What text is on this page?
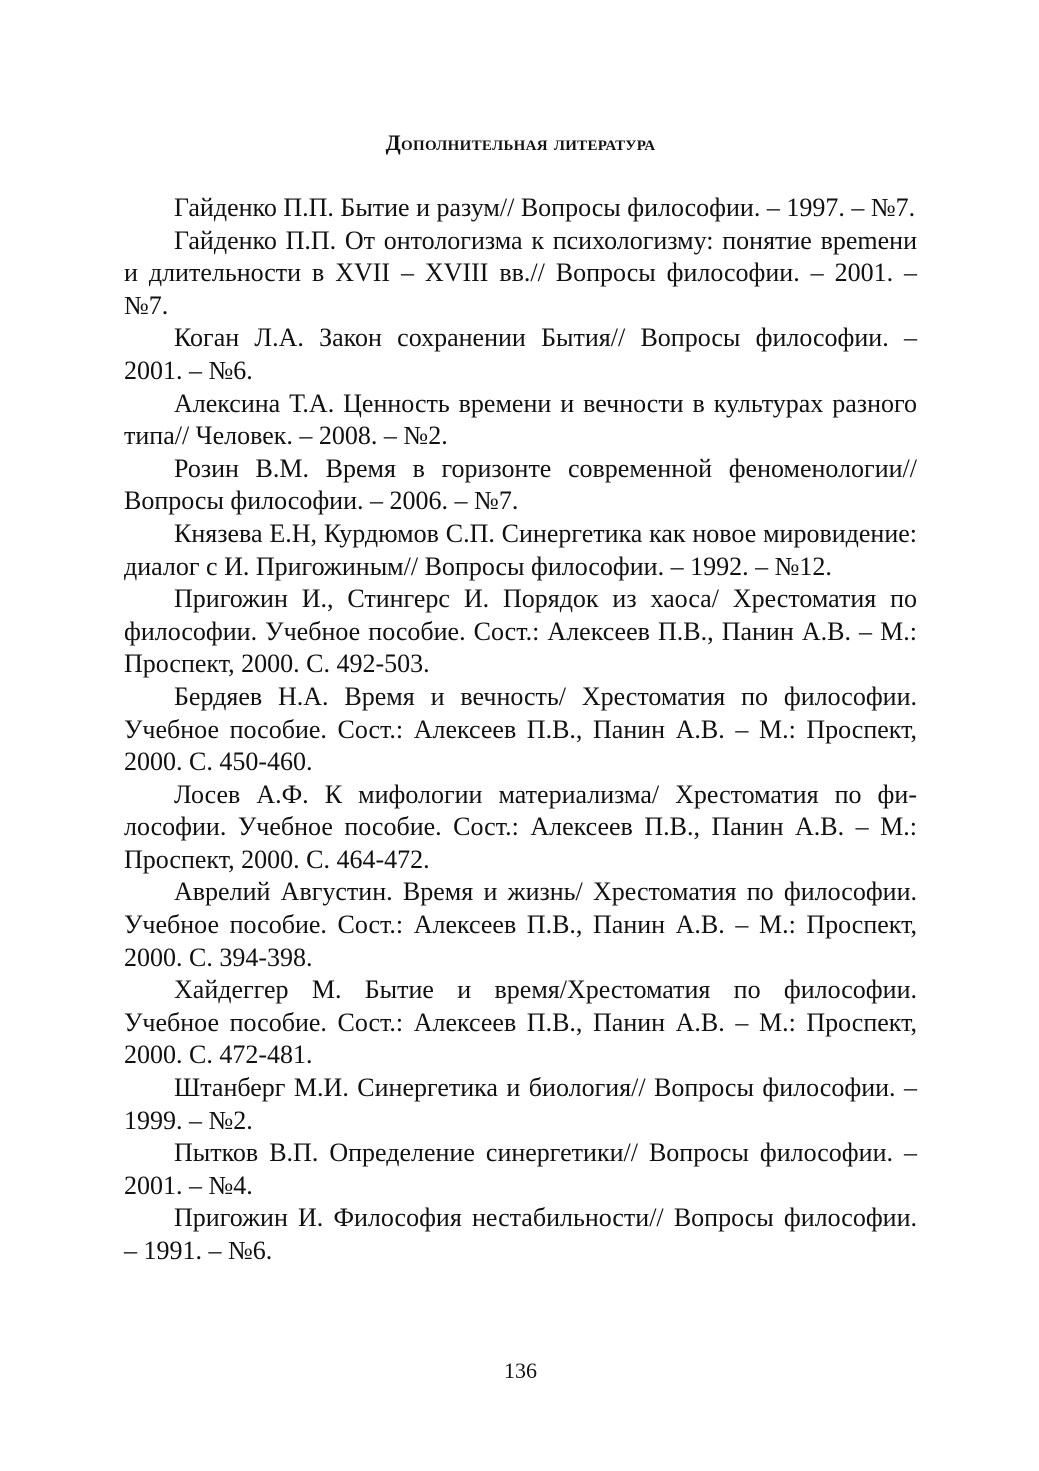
Дополнительная литература

Гайденко П.П. Бытие и разум// Вопросы философии. – 1997. – №7.

Гайденко П.П. От онтологизма к психологизму: понятие вреmени и длительности в XVII – XVIII вв.// Вопросы философии. – 2001. – №7.

Коган Л.А. Закон сохранении Бытия// Вопросы философии. – 2001. – №6.

Алексина Т.А. Ценность времени и вечности в культурах разного типа// Человек. – 2008. – №2.

Розин В.М. Время в горизонте современной феноменологии// Вопросы философии. – 2006. – №7.

Князева Е.Н, Курдюмов С.П. Синергетика как новое мировидение: диалог с И. Пригожиным// Вопросы философии. – 1992. – №12.

Пригожин И., Стингерс И. Порядок из хаоса/ Хрестоматия по философии. Учебное пособие. Сост.: Алексеев П.В., Панин А.В. – М.: Проспект, 2000. С. 492-503.

Бердяев Н.А. Время и вечность/ Хрестоматия по философии. Учебное пособие. Сост.: Алексеев П.В., Панин А.В. – М.: Проспект, 2000. С. 450-460.

Лосев А.Ф. К мифологии материализма/ Хрестоматия по философии. Учебное пособие. Сост.: Алексеев П.В., Панин А.В. – М.: Проспект, 2000. С. 464-472.

Аврелий Августин. Время и жизнь/ Хрестоматия по философии. Учебное пособие. Сост.: Алексеев П.В., Панин А.В. – М.: Проспект, 2000. С. 394-398.

Хайдеггер М. Бытие и время/Хрестоматия по философии. Учебное пособие. Сост.: Алексеев П.В., Панин А.В. – М.: Проспект, 2000. С. 472-481.

Штанберг М.И. Синергетика и биология// Вопросы философии. – 1999. – №2.

Пытков В.П. Определение синергетики// Вопросы философии. – 2001. – №4.

Пригожин И. Философия нестабильности// Вопросы философии. – 1991. – №6.

136
